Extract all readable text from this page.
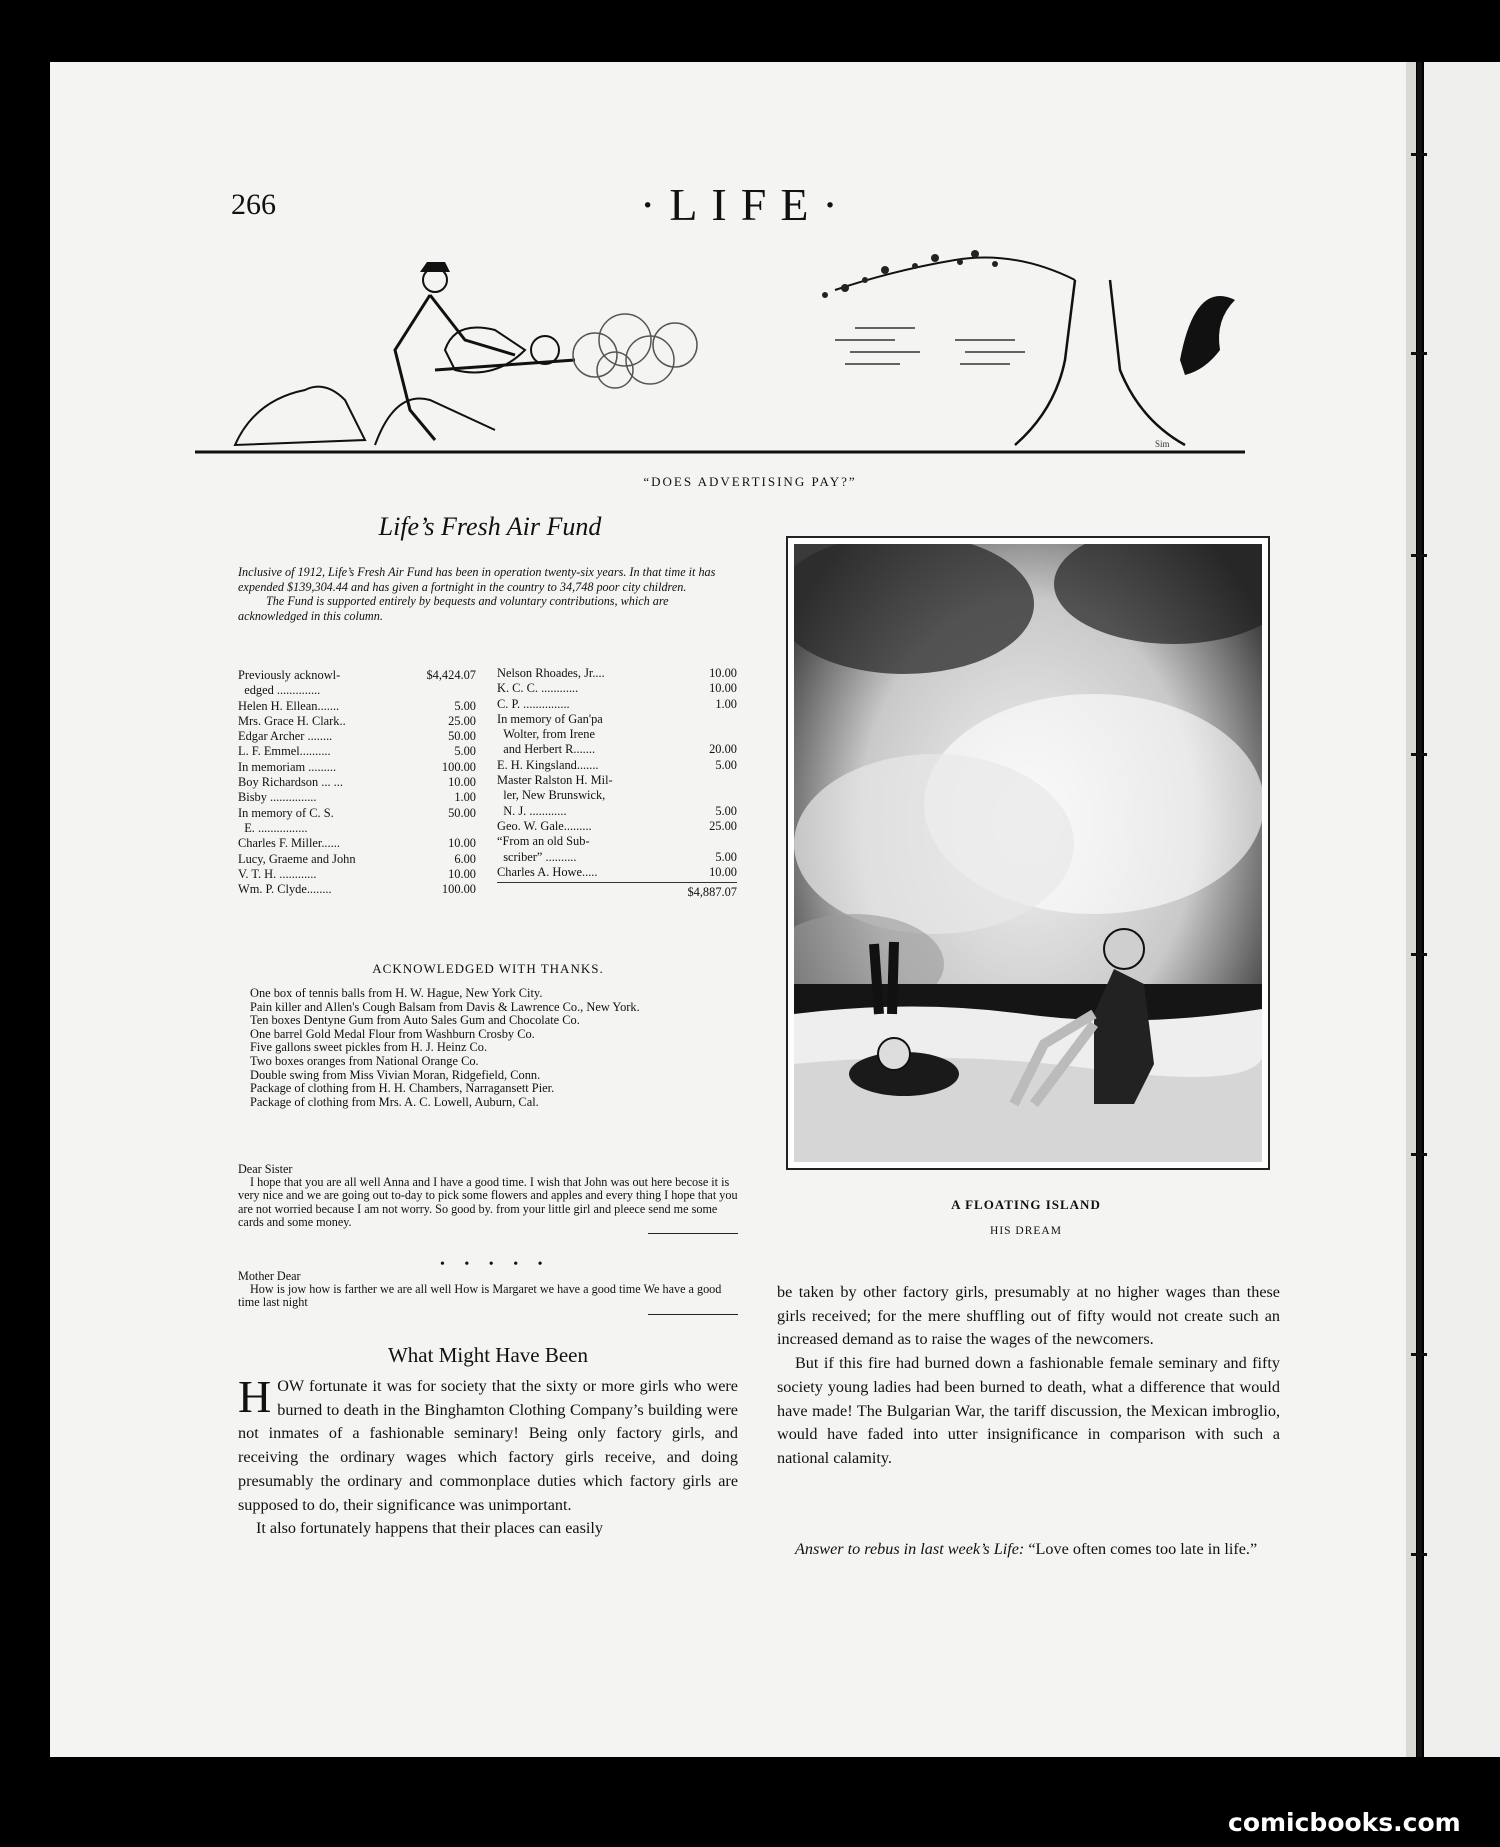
266	·LIFE·
Sim
“DOES ADVERTISING PAY?”
Life’s Fresh Air Fund

Inclusive of 1912, Life’s Fresh Air Fund has been in operation twenty-six years. In that time it has expended $139,304.44 and has given a fortnight in the country to 34,748 poor city children.

The Fund is supported entirely by bequests and voluntary contributions, which are acknowledged in this column.

Previously acknowl-
edged ..............
$4,424.07
Helen H. Ellean.......	5.00
Mrs. Grace H. Clark..	25.00
Edgar Archer ........	50.00
L. F. Emmel..........	5.00
In memoriam .........	100.00
Boy Richardson ... ...	10.00
Bisby ...............	1.00
In memory of C. S.
E. ................
50.00
Charles F. Miller......	10.00
Lucy, Graeme and John	6.00
V. T. H. ............	10.00
Wm. P. Clyde........	100.00
Nelson Rhoades, Jr....	10.00
K. C. C. ............	10.00
C. P. ...............	1.00
In memory of Gan'pa
Wolter, from Irene
and Herbert R.......	20.00
E. H. Kingsland.......	5.00
Master Ralston H. Mil-
ler, New Brunswick,
N. J. ............	5.00
Geo. W. Gale.........	25.00
“From an old Sub-
scriber” ..........	5.00
Charles A. Howe.....	10.00
$4,887.07
ACKNOWLEDGED WITH THANKS.
One box of tennis balls from H. W. Hague, New York City.
Pain killer and Allen's Cough Balsam from Davis & Lawrence Co., New York.
Ten boxes Dentyne Gum from Auto Sales Gum and Chocolate Co.
One barrel Gold Medal Flour from Washburn Crosby Co.
Five gallons sweet pickles from H. J. Heinz Co.
Two boxes oranges from National Orange Co.
Double swing from Miss Vivian Moran, Ridgefield, Conn.
Package of clothing from H. H. Chambers, Narragansett Pier.
Package of clothing from Mrs. A. C. Lowell, Auburn, Cal.
Dear Sister
I hope that you are all well Anna and I have a good time. I wish that John was out here becose it is very nice and we are going out to-day to pick some flowers and apples and every thing I hope that you are not worried because I am not worry. So good by. from your little girl and pleece send me some cards and some money.
• • • • •
Mother Dear
How is jow how is farther we are all well How is Margaret we have a good time We have a good time last night
What Might Have Been

HOW fortunate it was for society that the sixty or more girls who were burned to death in the Binghamton Clothing Company’s building were not inmates of a fashionable seminary! Being only factory girls, and receiving the ordinary wages which factory girls receive, and doing presumably the ordinary and commonplace duties which factory girls are supposed to do, their significance was unimportant.

It also fortunately happens that their places can easily

be taken by other factory girls, presumably at no higher wages than these girls received; for the mere shuffling out of fifty would not create such an increased demand as to raise the wages of the newcomers.

But if this fire had burned down a fashionable female seminary and fifty society young ladies had been burned to death, what a difference that would have made! The Bulgarian War, the tariff discussion, the Mexican imbroglio, would have faded into utter insignificance in comparison with such a national calamity.

Answer to rebus in last week’s Life: “Love often comes too late in life.”
A FLOATING ISLAND
HIS DREAM
comicbooks.com
